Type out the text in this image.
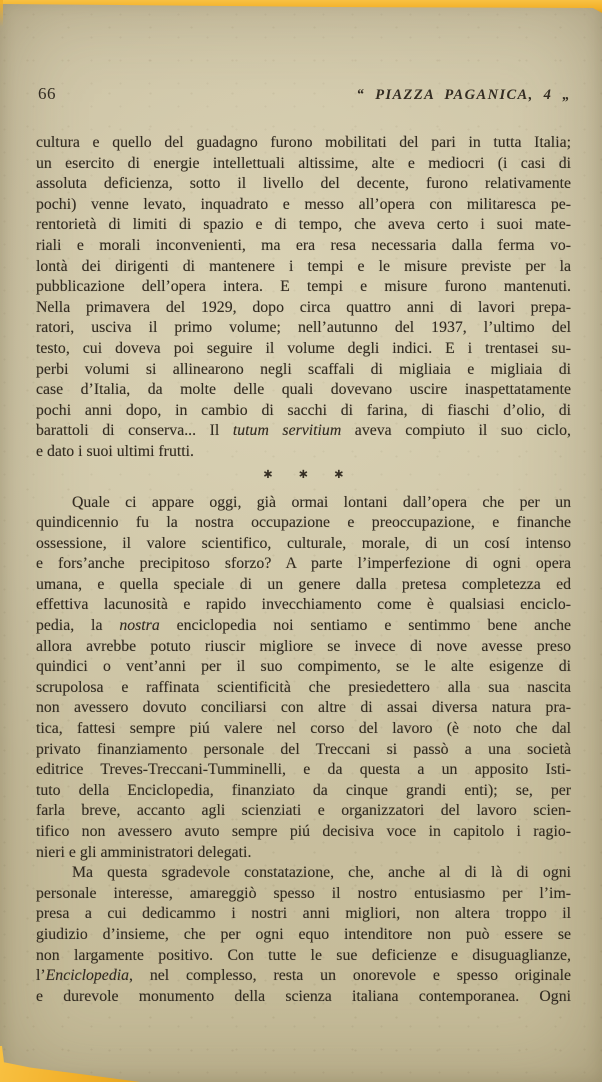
66	“ PIAZZA PAGANICA, 4 „
cultura e quello del guadagno furono mobilitati del pari in tutta Italia;
un esercito di energie intellettuali altissime, alte e mediocri (i casi di
assoluta deficienza, sotto il livello del decente, furono relativamente
pochi) venne levato, inquadrato e messo all’opera con militaresca pe-
rentorietà di limiti di spazio e di tempo, che aveva certo i suoi mate-
riali e morali inconvenienti, ma era resa necessaria dalla ferma vo-
lontà dei dirigenti di mantenere i tempi e le misure previste per la
pubblicazione dell’opera intera. E tempi e misure furono mantenuti.
Nella primavera del 1929, dopo circa quattro anni di lavori prepa-
ratori, usciva il primo volume; nell’autunno del 1937, l’ultimo del
testo, cui doveva poi seguire il volume degli indici. E i trentasei su-
perbi volumi si allinearono negli scaffali di migliaia e migliaia di
case d’Italia, da molte delle quali dovevano uscire inaspettatamente
pochi anni dopo, in cambio di sacchi di farina, di fiaschi d’olio, di
barattoli di conserva... Il tutum servitium aveva compiuto il suo ciclo,
e dato i suoi ultimi frutti.
∗ ∗ ∗
Quale ci appare oggi, già ormai lontani dall’opera che per un
quindicennio fu la nostra occupazione e preoccupazione, e finanche
ossessione, il valore scientifico, culturale, morale, di un cosí intenso
e fors’anche precipitoso sforzo? A parte l’imperfezione di ogni opera
umana, e quella speciale di un genere dalla pretesa completezza ed
effettiva lacunosità e rapido invecchiamento come è qualsiasi enciclo-
pedia, la nostra enciclopedia noi sentiamo e sentimmo bene anche
allora avrebbe potuto riuscir migliore se invece di nove avesse preso
quindici o vent’anni per il suo compimento, se le alte esigenze di
scrupolosa e raffinata scientificità che presiedettero alla sua nascita
non avessero dovuto conciliarsi con altre di assai diversa natura pra-
tica, fattesi sempre piú valere nel corso del lavoro (è noto che dal
privato finanziamento personale del Treccani si passò a una società
editrice Treves-Treccani-Tumminelli, e da questa a un apposito Isti-
tuto della Enciclopedia, finanziato da cinque grandi enti); se, per
farla breve, accanto agli scienziati e organizzatori del lavoro scien-
tifico non avessero avuto sempre piú decisiva voce in capitolo i ragio-
nieri e gli amministratori delegati.
Ma questa sgradevole constatazione, che, anche al di là di ogni
personale interesse, amareggiò spesso il nostro entusiasmo per l’im-
presa a cui dedicammo i nostri anni migliori, non altera troppo il
giudizio d’insieme, che per ogni equo intenditore non può essere se
non largamente positivo. Con tutte le sue deficienze e disuguaglianze,
l’Enciclopedia, nel complesso, resta un onorevole e spesso originale
e durevole monumento della scienza italiana contemporanea. Ogni
